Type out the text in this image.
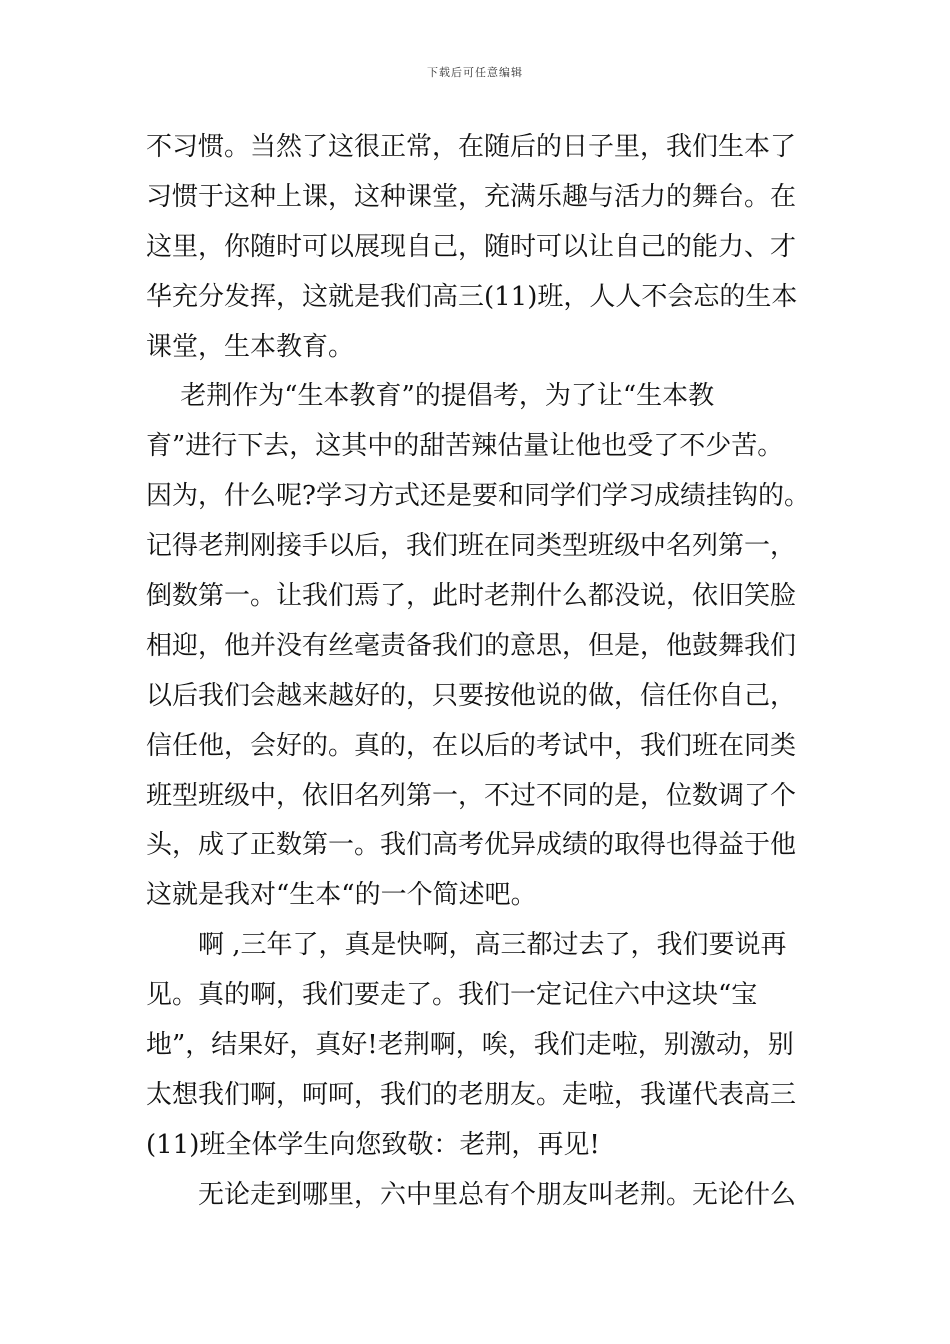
下载后可任意编辑
不习惯。当然了这很正常，在随后的日子里，我们生本了
习惯于这种上课，这种课堂，充满乐趣与活力的舞台。在
这里，你随时可以展现自己，随时可以让自己的能力、才
华充分发挥，这就是我们高三(11)班，人人不会忘的生本
课堂，生本教育。
　 老荆作为“生本教育”的提倡考，为了让“生本教
育”进行下去，这其中的甜苦辣估量让他也受了不少苦。
因为，什么呢?学习方式还是要和同学们学习成绩挂钩的。
记得老荆刚接手以后，我们班在同类型班级中名列第一，
倒数第一。让我们焉了，此时老荆什么都没说，依旧笑脸
相迎，他并没有丝毫责备我们的意思，但是，他鼓舞我们
以后我们会越来越好的，只要按他说的做，信任你自己，
信任他，会好的。真的，在以后的考试中，我们班在同类
班型班级中，依旧名列第一，不过不同的是，位数调了个
头，成了正数第一。我们高考优异成绩的取得也得益于他
这就是我对“生本“的一个简述吧。
　　啊 ,三年了，真是快啊，高三都过去了，我们要说再
见。真的啊，我们要走了。我们一定记住六中这块“宝
地”，结果好，真好!老荆啊，唉，我们走啦，别激动，别
太想我们啊，呵呵，我们的老朋友。走啦，我谨代表高三
(11)班全体学生向您致敬：老荆，再见!
　　无论走到哪里，六中里总有个朋友叫老荆。无论什么
